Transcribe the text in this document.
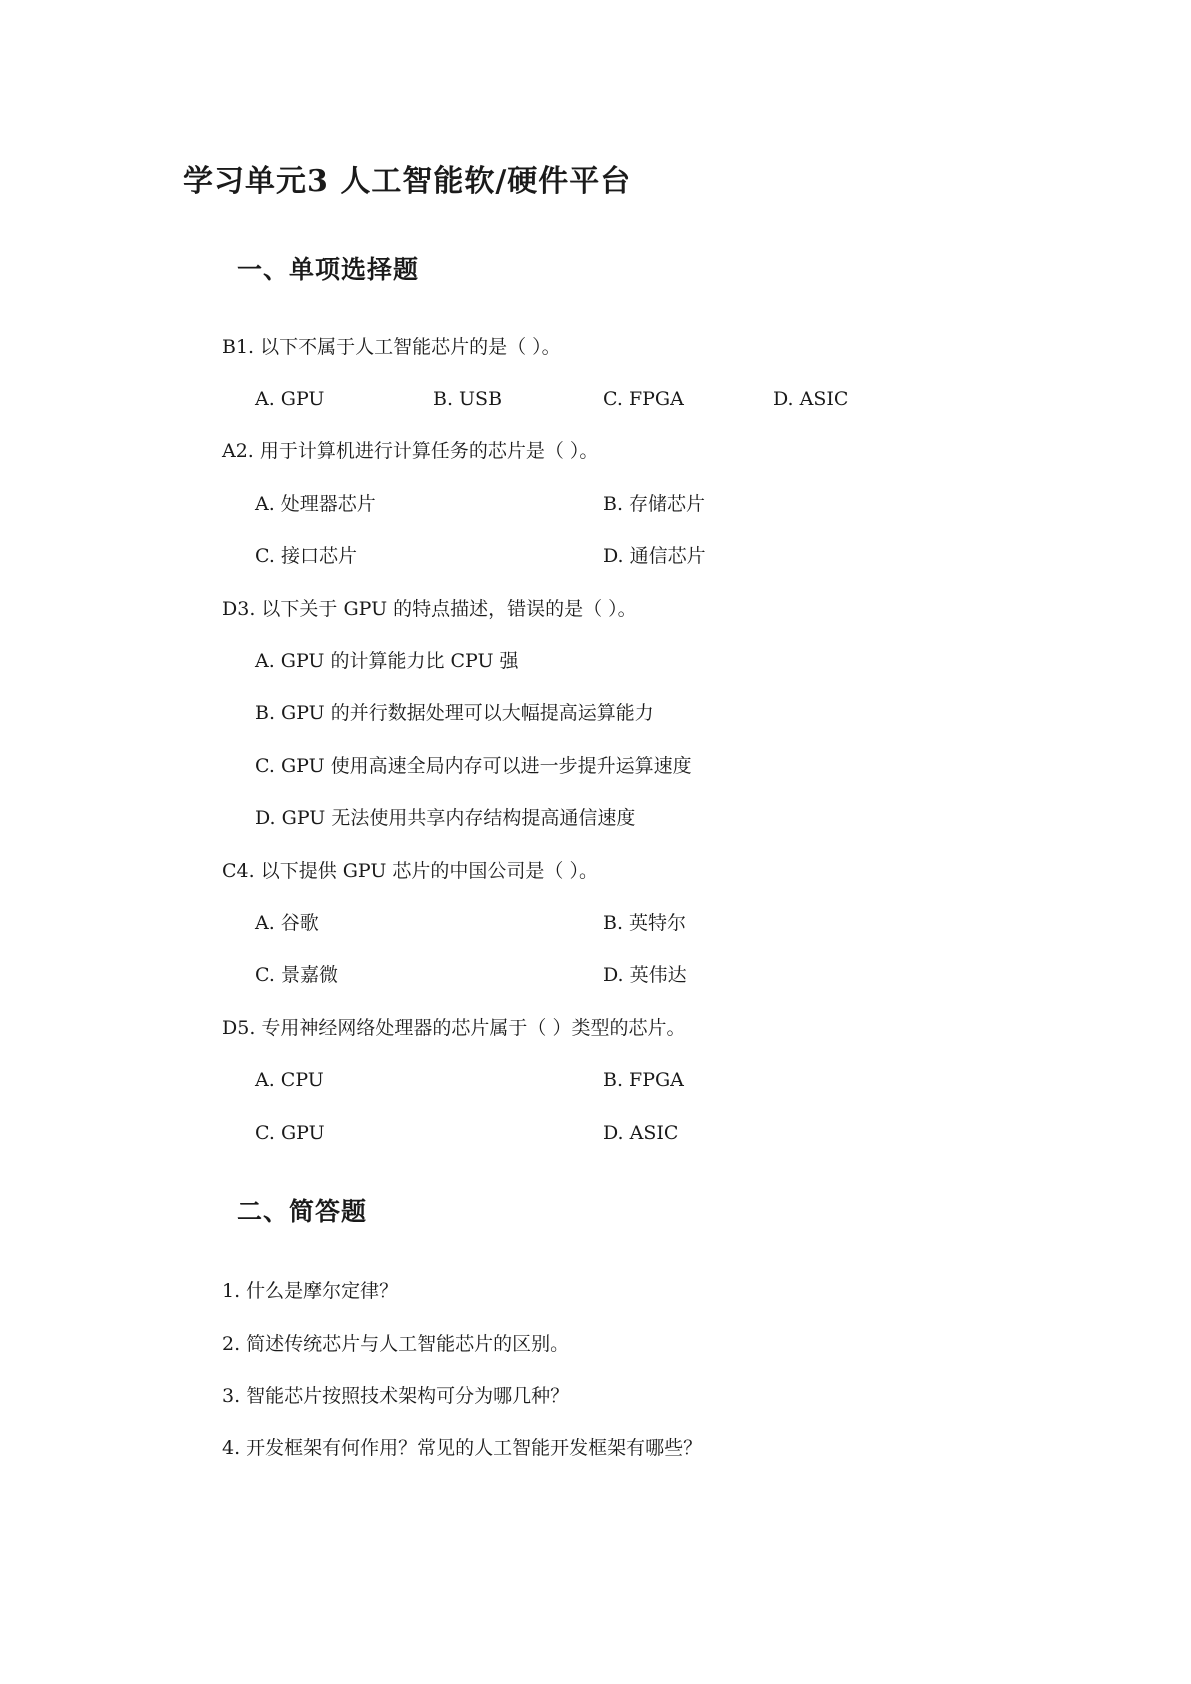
学习单元3 人工智能软/硬件平台
一、单项选择题
B1. 以下不属于人工智能芯片的是（ ）。
A. GPU	B. USB	C. FPGA	D. ASIC
A2. 用于计算机进行计算任务的芯片是（ ）。
A. 处理器芯片	B. 存储芯片
C. 接口芯片	D. 通信芯片
D3. 以下关于 GPU 的特点描述，错误的是（ ）。
A. GPU 的计算能力比 CPU 强
B. GPU 的并行数据处理可以大幅提高运算能力
C. GPU 使用高速全局内存可以进一步提升运算速度
D. GPU 无法使用共享内存结构提高通信速度
C4. 以下提供 GPU 芯片的中国公司是（ ）。
A. 谷歌	B. 英特尔
C. 景嘉微	D. 英伟达
D5. 专用神经网络处理器的芯片属于（ ）类型的芯片。
A. CPU	B. FPGA
C. GPU	D. ASIC
二、简答题
1. 什么是摩尔定律？
2. 简述传统芯片与人工智能芯片的区别。
3. 智能芯片按照技术架构可分为哪几种？
4. 开发框架有何作用？常见的人工智能开发框架有哪些？
